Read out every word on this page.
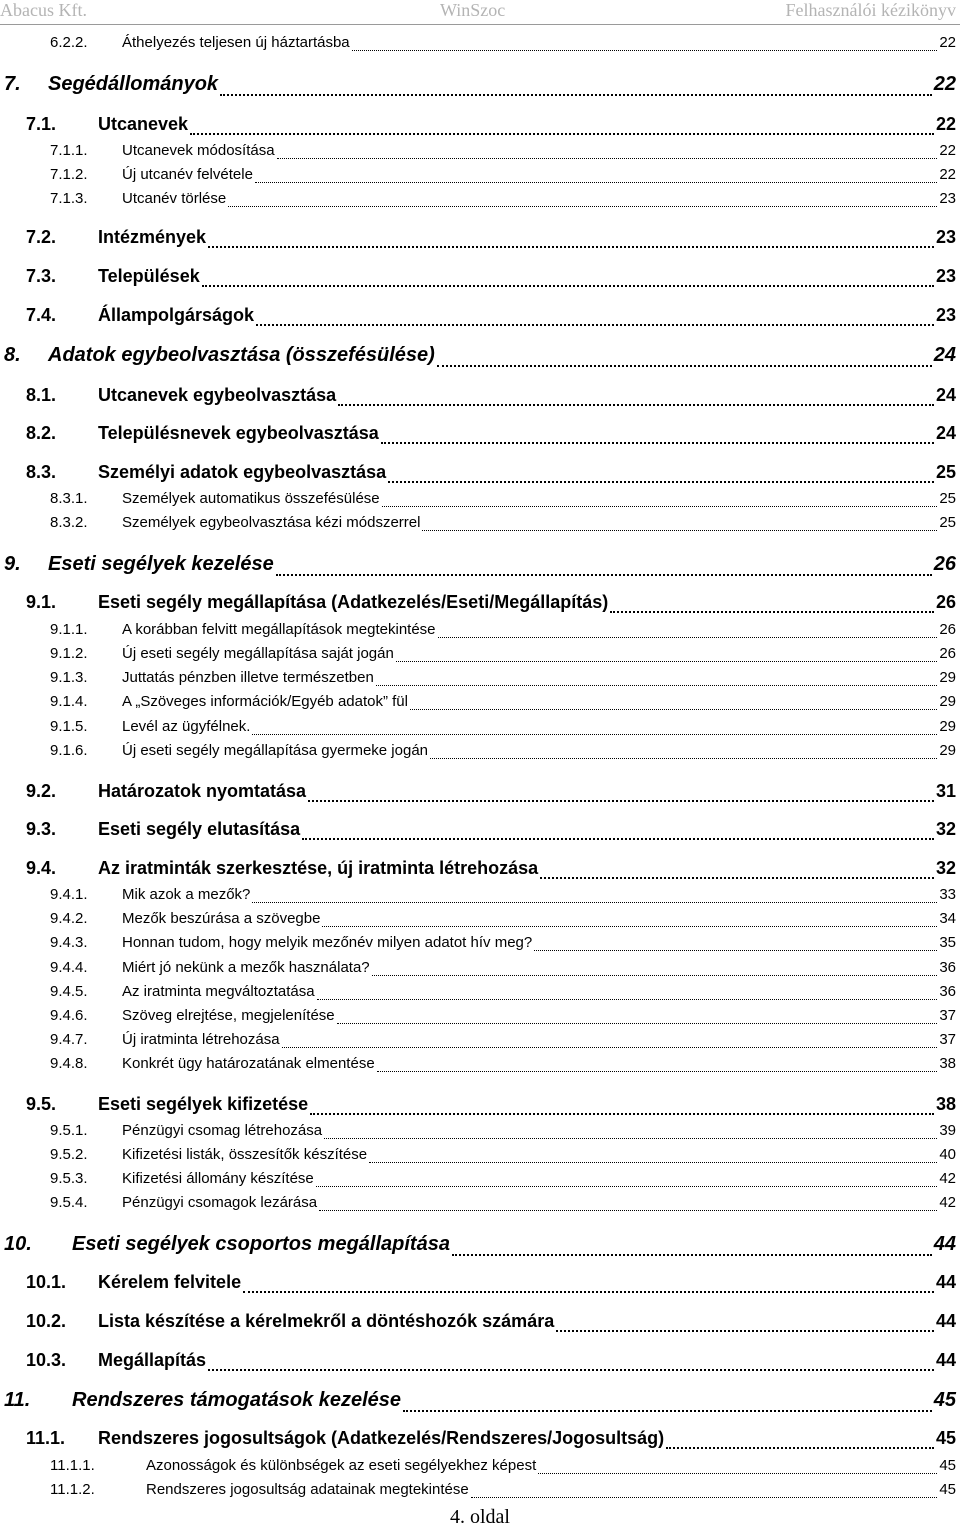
Abacus Kft.	WinSzoc	Felhasználói kézikönyv
6.2.2. Áthelyezés teljesen új háztartásba	22
7. Segédállományok	22
7.1. Utcanevek	22
7.1.1. Utcanevek módosítása	22
7.1.2. Új utcanév felvétele	22
7.1.3. Utcanév törlése	23
7.2. Intézmények	23
7.3. Települések	23
7.4. Állampolgárságok	23
8. Adatok egybeolvasztása (összefésülése)	24
8.1. Utcanevek egybeolvasztása	24
8.2. Településnevek egybeolvasztása	24
8.3. Személyi adatok egybeolvasztása	25
8.3.1. Személyek automatikus összefésülése	25
8.3.2. Személyek egybeolvasztása kézi módszerrel	25
9. Eseti segélyek kezelése	26
9.1. Eseti segély megállapítása (Adatkezelés/Eseti/Megállapítás)	26
9.1.1. A korábban felvitt megállapítások megtekintése	26
9.1.2. Új eseti segély megállapítása saját jogán	26
9.1.3. Juttatás pénzben illetve természetben	29
9.1.4. A „Szöveges információk/Egyéb adatok” fül	29
9.1.5. Levél az ügyfélnek.	29
9.1.6. Új eseti segély megállapítása gyermeke jogán	29
9.2. Határozatok nyomtatása	31
9.3. Eseti segély elutasítása	32
9.4. Az iratminták szerkesztése, új iratminta létrehozása	32
9.4.1. Mik azok a mezők?	33
9.4.2. Mezők beszúrása a szövegbe	34
9.4.3. Honnan tudom, hogy melyik mezőnév milyen adatot hív meg?	35
9.4.4. Miért jó nekünk a mezők használata?	36
9.4.5. Az iratminta megváltoztatása	36
9.4.6. Szöveg elrejtése, megjelenítése	37
9.4.7. Új iratminta létrehozása	37
9.4.8. Konkrét ügy határozatának elmentése	38
9.5. Eseti segélyek kifizetése	38
9.5.1. Pénzügyi csomag létrehozása	39
9.5.2. Kifizetési listák, összesítők készítése	40
9.5.3. Kifizetési állomány készítése	42
9.5.4. Pénzügyi csomagok lezárása	42
10. Eseti segélyek csoportos megállapítása	44
10.1. Kérelem felvitele	44
10.2. Lista készítése a kérelmekről a döntéshozók számára	44
10.3. Megállapítás	44
11. Rendszeres támogatások kezelése	45
11.1. Rendszeres jogosultságok (Adatkezelés/Rendszeres/Jogosultság)	45
11.1.1.	Azonosságok és különbségek az eseti segélyekhez képest	45
11.1.2.	Rendszeres jogosultság adatainak megtekintése	45
4. oldal
